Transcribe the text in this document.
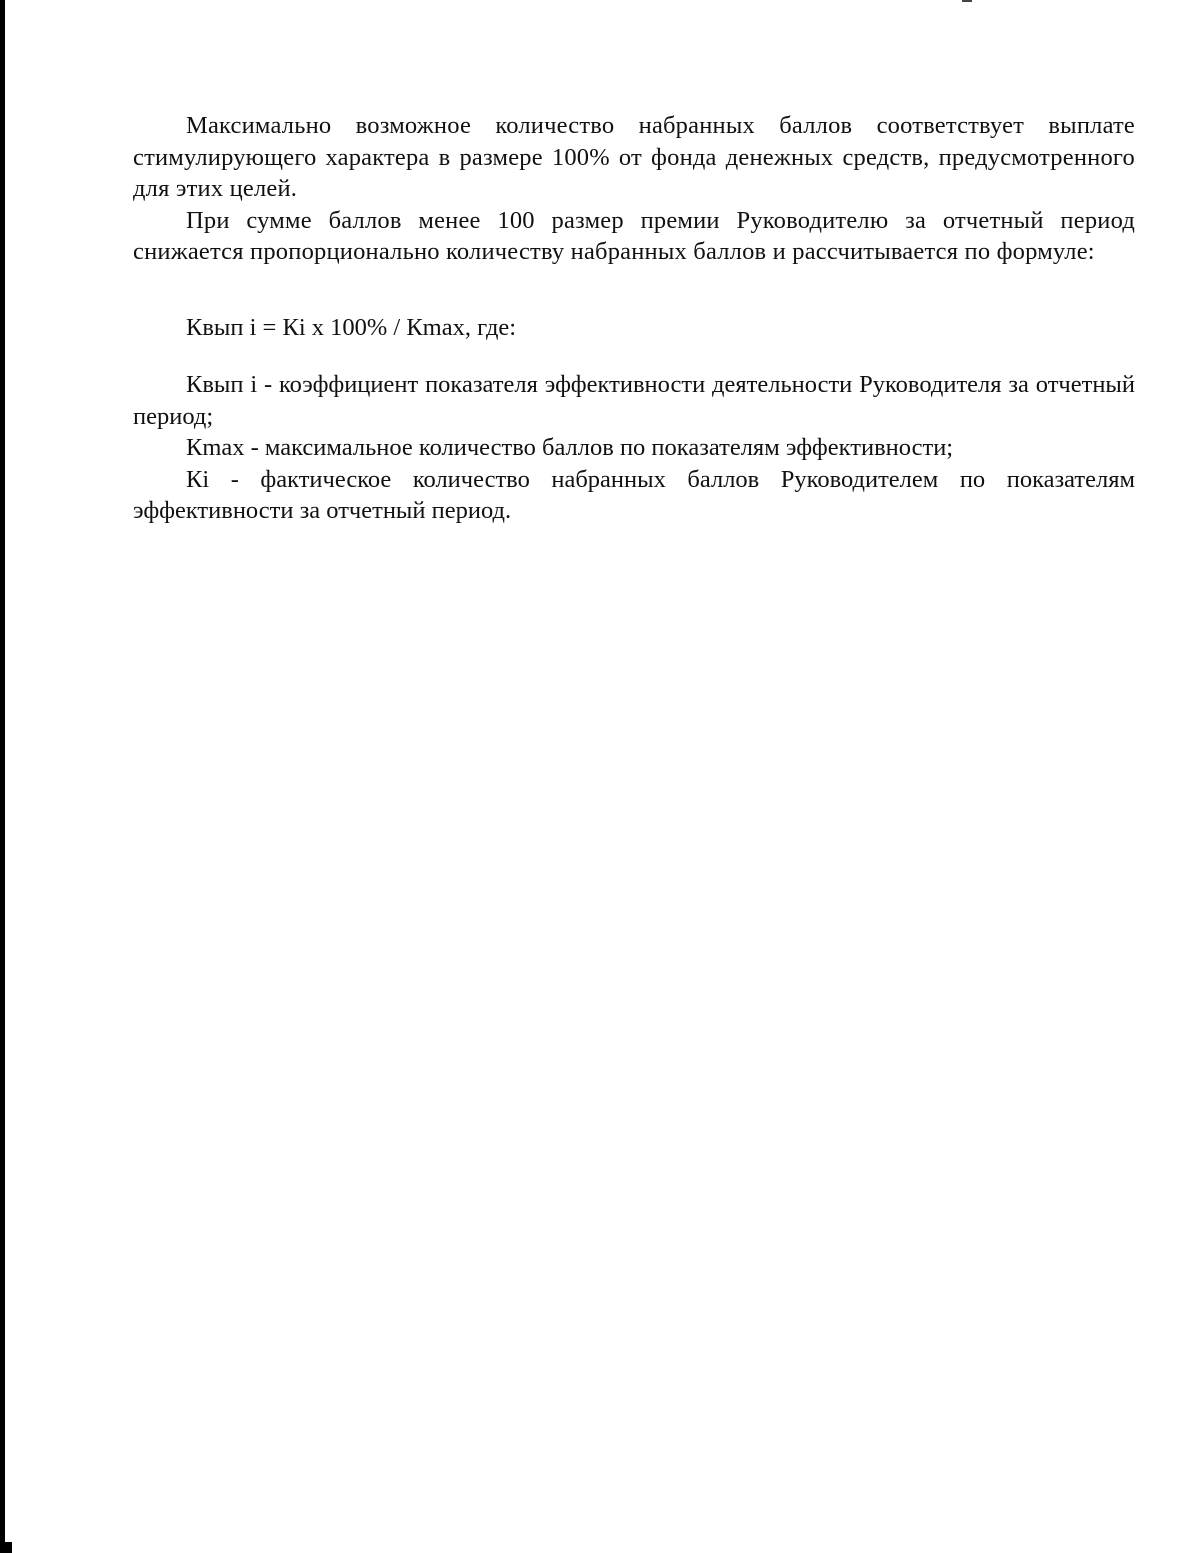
Максимально возможное количество набранных баллов соответствует выплате стимулирующего характера в размере 100% от фонда денежных средств, предусмотренного для этих целей.

При сумме баллов менее 100 размер премии Руководителю за отчетный период снижается пропорционально количеству набранных баллов и рассчитывается по формуле:

Квып i = Кi х 100% / Кmax, где:

Квып i - коэффициент показателя эффективности деятельности Руководителя за отчетный период;

Кmax - максимальное количество баллов по показателям эффективности;

Кi - фактическое количество набранных баллов Руководителем по показателям эффективности за отчетный период.
